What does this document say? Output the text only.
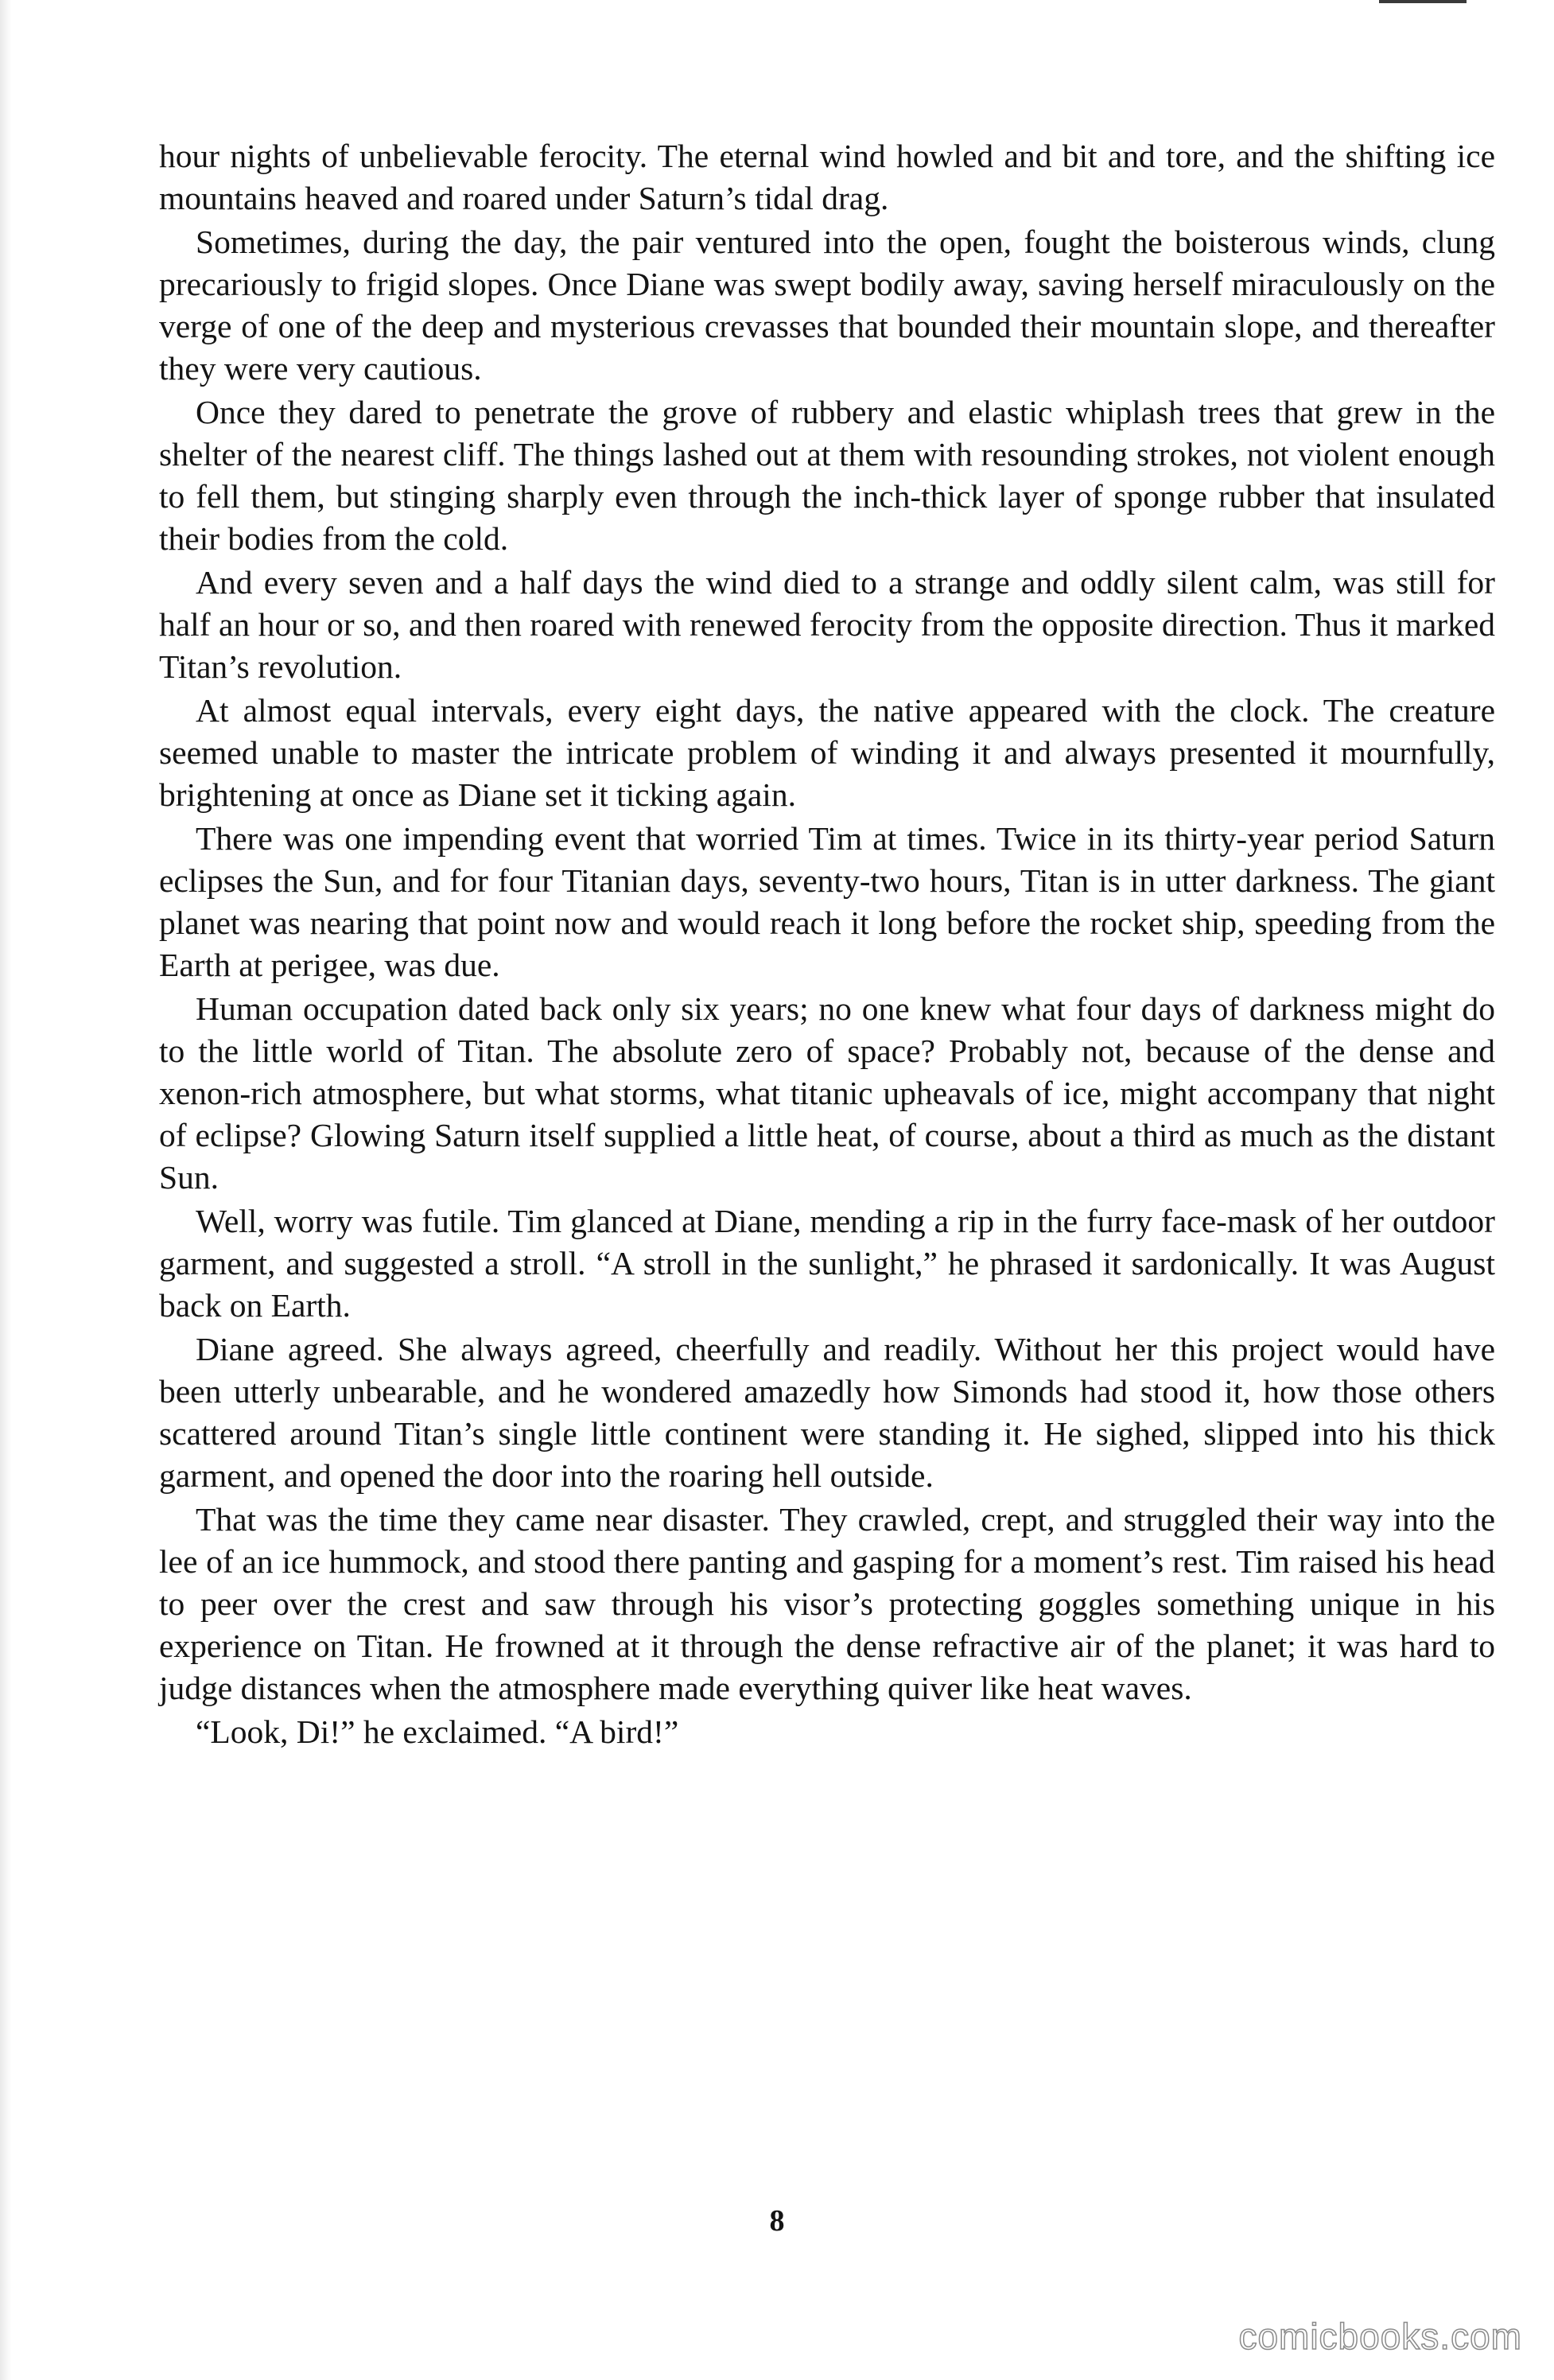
hour nights of unbelievable ferocity. The eternal wind howled and bit and tore, and the shifting ice mountains heaved and roared under Saturn’s tidal drag.

Sometimes, during the day, the pair ventured into the open, fought the boisterous winds, clung precariously to frigid slopes. Once Diane was swept bodily away, saving herself miraculously on the verge of one of the deep and mysterious crevasses that bounded their mountain slope, and thereafter they were very cautious.

Once they dared to penetrate the grove of rubbery and elastic whiplash trees that grew in the shelter of the nearest cliff. The things lashed out at them with resounding strokes, not violent enough to fell them, but stinging sharply even through the inch-thick layer of sponge rubber that insulated their bodies from the cold.

And every seven and a half days the wind died to a strange and oddly silent calm, was still for half an hour or so, and then roared with renewed ferocity from the opposite direction. Thus it marked Titan’s revolution.

At almost equal intervals, every eight days, the native appeared with the clock. The creature seemed unable to master the intricate problem of winding it and always presented it mournfully, brightening at once as Diane set it ticking again.

There was one impending event that worried Tim at times. Twice in its thirty-year period Saturn eclipses the Sun, and for four Titanian days, seventy-two hours, Titan is in utter darkness. The giant planet was nearing that point now and would reach it long before the rocket ship, speeding from the Earth at perigee, was due.

Human occupation dated back only six years; no one knew what four days of darkness might do to the little world of Titan. The absolute zero of space? Probably not, because of the dense and xenon-rich atmosphere, but what storms, what titanic upheavals of ice, might accompany that night of eclipse? Glowing Saturn itself supplied a little heat, of course, about a third as much as the distant Sun.

Well, worry was futile. Tim glanced at Diane, mending a rip in the furry face-mask of her outdoor garment, and suggested a stroll. “A stroll in the sunlight,” he phrased it sardonically. It was August back on Earth.

Diane agreed. She always agreed, cheerfully and readily. Without her this project would have been utterly unbearable, and he wondered amazedly how Simonds had stood it, how those others scattered around Titan’s single little continent were standing it. He sighed, slipped into his thick garment, and opened the door into the roaring hell outside.

That was the time they came near disaster. They crawled, crept, and struggled their way into the lee of an ice hummock, and stood there panting and gasping for a moment’s rest. Tim raised his head to peer over the crest and saw through his visor’s protecting goggles something unique in his experience on Titan. He frowned at it through the dense refractive air of the planet; it was hard to judge distances when the atmosphere made everything quiver like heat waves.

“Look, Di!” he exclaimed. “A bird!”

8
comicbooks.com
